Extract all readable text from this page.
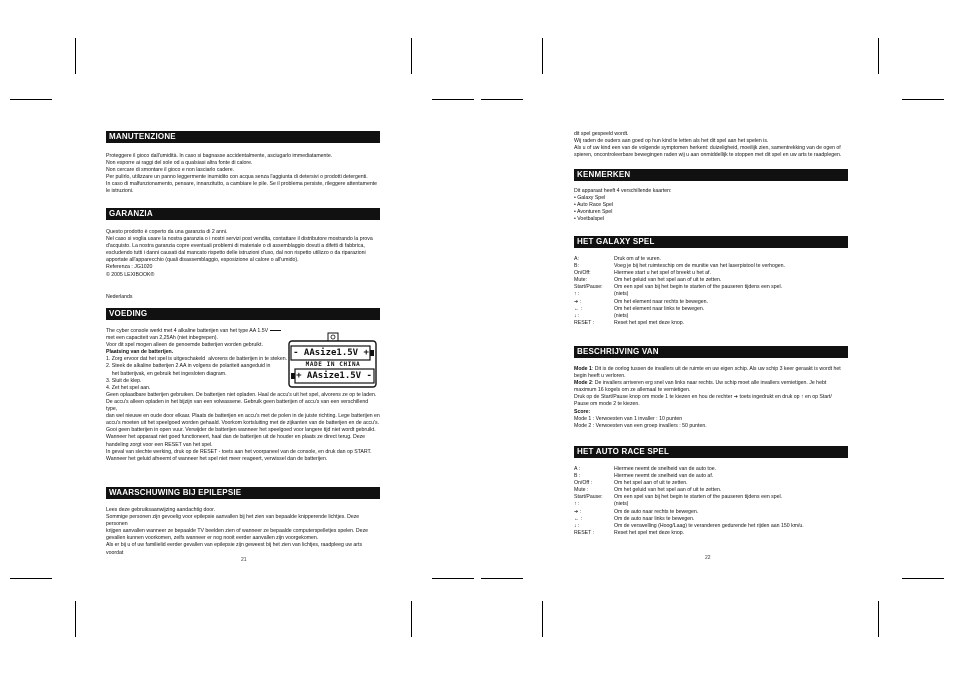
MANUTENZIONE

Proteggere il gioco dall'umidità. In caso si bagnasse accidentalmente, asciugarlo immediatamente.

Non esporre ai raggi del sole od a qualsiasi altra fonte di calore.

Non cercare di smontare il gioco e non lasciarlo cadere.

Per pulirlo, utilizzare un panno leggermente inumidito con acqua senza l'aggiunta di detersivi o prodotti detergenti.

In caso di malfunzionamento, pensare, innanzitutto, a cambiare le pile. Se il problema persiste, rileggere attentamente

le istruzioni.

GARANZIA

Questo prodotto è coperto da una garanzia di 2 anni.

Nel caso si voglia usare la nostra garanzia o i nostri servizi post vendita, contattare il distributore mostrando la prova

d'acquisto. La nostra garanzia copre eventuali problemi di materiale o di assemblaggio dovuti a difetti di fabbrica,

escludendo tutti i danni causati dal mancato rispetto delle istruzioni d'uso, dal non rispetto utilizzo o da riparazioni

apportate all'apparecchio (quali disassemblaggio, esposizione al calore o all'umido).

Referenza : JG1020

© 2005 LEXIBOOK®

Nederlands

VOEDING

The cyber console werkt met 4 alkaline batterijen van het type AA 1.5V

met een capaciteit van 2,25Ah (niet inbegrepen).

Voor dit spel mogen alleen de genoemde batterijen worden gebruikt.

Plaatsing van de batterijen.

1. Zorg ervoor dat het spel is uitgeschakeld  alvorens de batterijen in te steken.

2. Steek de alkaline batterijen 2 AA in volgens de polariteit aangeduid in

het batterijvak, en gebruik het ingesloten diagram.

3. Sluit de klep.

4. Zet het spel aan.

Geen oplaadbare batterijen gebruiken. De batterijen niet opladen. Haal de accu's uit het spel, alvorens ze op te laden.

De accu's alleen opladen in het bijzijn van een volwassene. Gebruik geen batterijen of accu's van een verschillend type,

dan wel nieuwe en oude door elkaar. Plaats de batterijen en accu's met de polen in de juiste richting. Lege batterijen en

accu's moeten uit het speelgoed worden gehaald. Voorkom kortsluiting met de zijkanten van de batterijen en de accu's.

Gooi geen batterijen in open vuur. Verwijder de batterijen wanneer het speelgoed voor langere tijd niet wordt gebruikt.

Wanneer het apparaat niet goed functioneert, haal dan de batterijen uit de houder en plaats ze direct terug. Deze

handeling zorgt voor een RESET van het spel.

In geval van slechte werking, druk op de RESET - toets aan het voorpaneel van de console, en druk dan op START.

Wanneer het geluid afneemt of wanneer het spel niet meer reageert, verwissel dan de batterijen.

WAARSCHUWING BIJ EPILEPSIE

Lees deze gebruiksaanwijzing aandachtig door.

Sommige personen zijn gevoelig voor epilepsie aanvallen bij het zien van bepaalde knipperende lichtjes. Deze personen

krijgen aanvallen wanneer ze bepaalde TV beelden zien of wanneer ze bepaalde computerspelletjes spelen. Deze

gevallen kunnen voorkomen, zelfs wanneer er nog nooit eerder aanvallen zijn voorgekomen.

Als er bij u of uw familielid eerder gevallen van epilepsie zijn geweest bij het zien van lichtjes, raadpleeg uw arts voordat

21
- AAsize1.5V +
MADE IN CHINA
+ AAsize1.5V -

dit spel gespeeld wordt.

Wij raden de ouders aan goed op hun kind te letten als het dit spel aan het spelen is.

Als u of uw kind een van de volgende symptomen herkent: duizeligheid, moeilijk zien, samentrekking van de ogen of

spieren, oncontroleerbare bewegingen raden wij u aan onmiddellijk te stoppen met dit spel en uw arts te raadplegen.

KENMERKEN

Dit apparaat heeft 4 verschillende kaarten:

• Galaxy Spel

• Auto Race Spel

• Avonturen Spel

• Voetbalspel

HET GALAXY SPEL
A:	Druk om af te vuren.
B:	Voeg je bij het ruimteschip om de munitie van het laserpistool te verhogen.
On/Off:	Hiermee start u het spel of breekt u het af.
Mute:	Om het geluid van het spel aan of uit te zetten.
Start/Pause:	Om een spel van bij het begin te starten of the pauseren tijdens een spel.
↑ :	(niets)
➔ :	Om het element naar rechts te bewegen.
← :	Om het element naar links te bewegen.
↓ :	(niets)
RESET :	Reset het spel met deze knop.
BESCHRIJVING VAN

Mode 1: Dit is de oorlog tussen de invallers uit de ruimte en uw eigen schip. Als uw schip 3 keer geraakt is wordt het

begin heeft u verloren.

Mode 2: De invallers arriveren erg snel van links naar rechts. Uw schip moet alle invallers vernietigen. Je hebt

maximum 16 kogels om ze allemaal te vernietigen.

Druk op de Start/Pause knop om mode 1 te kiezen en hou de rechter ➔ toets ingedrukt en druk op ↑ en op Start/

Pause om mode 2 te kiezen.

Score:

Mode 1 : Verwoesten van 1 invaller : 10 punten

Mode 2 : Verwoesten van een groep invallers : 50 punten.

HET AUTO RACE SPEL
A :	Hiermee neemt de snelheid van de auto toe.
B :	Hiermee neemt de snelheid van de auto af.
On/Off :	Om het spel aan of uit te zetten.
Mute :	Om het geluid van het spel aan of uit te zetten.
Start/Pause:	Om een spel van bij het begin te starten of the pauseren tijdens een spel.
↑ :	(niets)
➔ :	Om de auto naar rechts te bewegen.
← :	Om de auto naar links te bewegen.
↓ :	Om de verswelling (Hoog/Laag) te veranderen gedurende het rijden aan 150 km/u.
RESET :	Reset het spel met deze knop.
22
